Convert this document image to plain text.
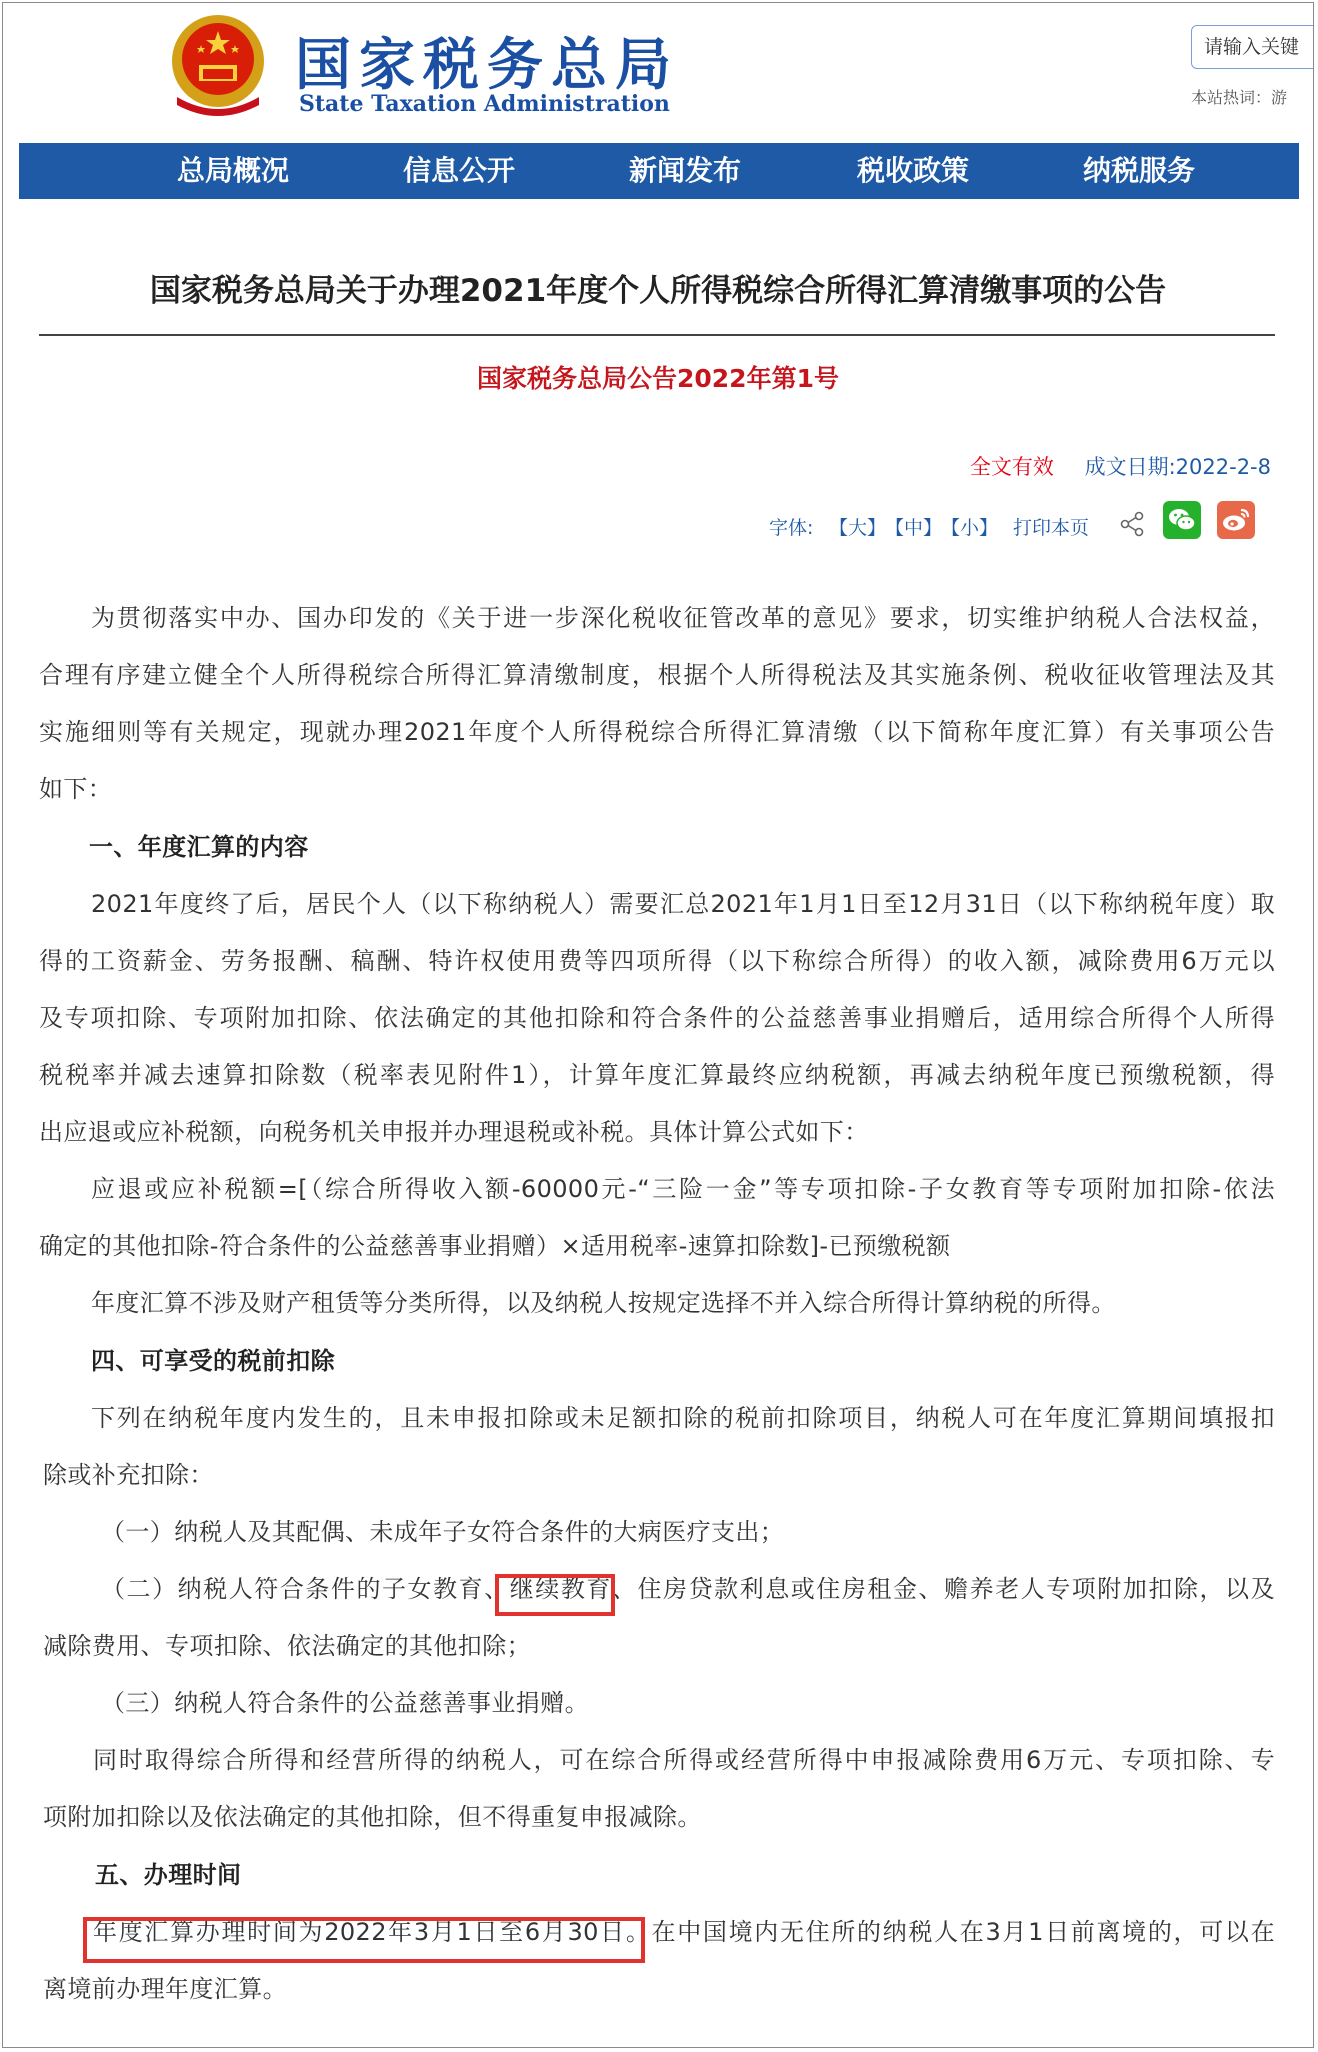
国家税务总局
State Taxation Administration
请输入关键
本站热词：游
总局概况	信息公开	新闻发布	税收政策	纳税服务
国家税务总局关于办理2021年度个人所得税综合所得汇算清缴事项的公告
国家税务总局公告2022年第1号
全文有效 成文日期:2022-2-8
字体: 【大】
【中】
【小】 打印本页
为贯彻落实中办、国办印发的《关于进一步深化税收征管改革的意见》要求，切实维护纳税人合法权益，
合理有序建立健全个人所得税综合所得汇算清缴制度，根据个人所得税法及其实施条例、税收征收管理法及其
实施细则等有关规定，现就办理2021年度个人所得税综合所得汇算清缴（以下简称年度汇算）有关事项公告
如下：
一、年度汇算的内容
2021年度终了后，居民个人（以下称纳税人）需要汇总2021年1月1日至12月31日（以下称纳税年度）取
得的工资薪金、劳务报酬、稿酬、特许权使用费等四项所得（以下称综合所得）的收入额，减除费用6万元以
及专项扣除、专项附加扣除、依法确定的其他扣除和符合条件的公益慈善事业捐赠后，适用综合所得个人所得
税税率并减去速算扣除数（税率表见附件1），计算年度汇算最终应纳税额，再减去纳税年度已预缴税额，得
出应退或应补税额，向税务机关申报并办理退税或补税。具体计算公式如下：
应退或应补税额=[（综合所得收入额-60000元-“三险一金”等专项扣除-子女教育等专项附加扣除-依法
确定的其他扣除-符合条件的公益慈善事业捐赠）×适用税率-速算扣除数]-已预缴税额
年度汇算不涉及财产租赁等分类所得，以及纳税人按规定选择不并入综合所得计算纳税的所得。
四、可享受的税前扣除
下列在纳税年度内发生的，且未申报扣除或未足额扣除的税前扣除项目，纳税人可在年度汇算期间填报扣
除或补充扣除：
（一）纳税人及其配偶、未成年子女符合条件的大病医疗支出；
（二）纳税人符合条件的子女教育、继续教育、住房贷款利息或住房租金、赡养老人专项附加扣除，以及
减除费用、专项扣除、依法确定的其他扣除；
（三）纳税人符合条件的公益慈善事业捐赠。
同时取得综合所得和经营所得的纳税人，可在综合所得或经营所得中申报减除费用6万元、专项扣除、专
项附加扣除以及依法确定的其他扣除，但不得重复申报减除。
五、办理时间
年度汇算办理时间为2022年3月1日至6月30日。在中国境内无住所的纳税人在3月1日前离境的，可以在
离境前办理年度汇算。
